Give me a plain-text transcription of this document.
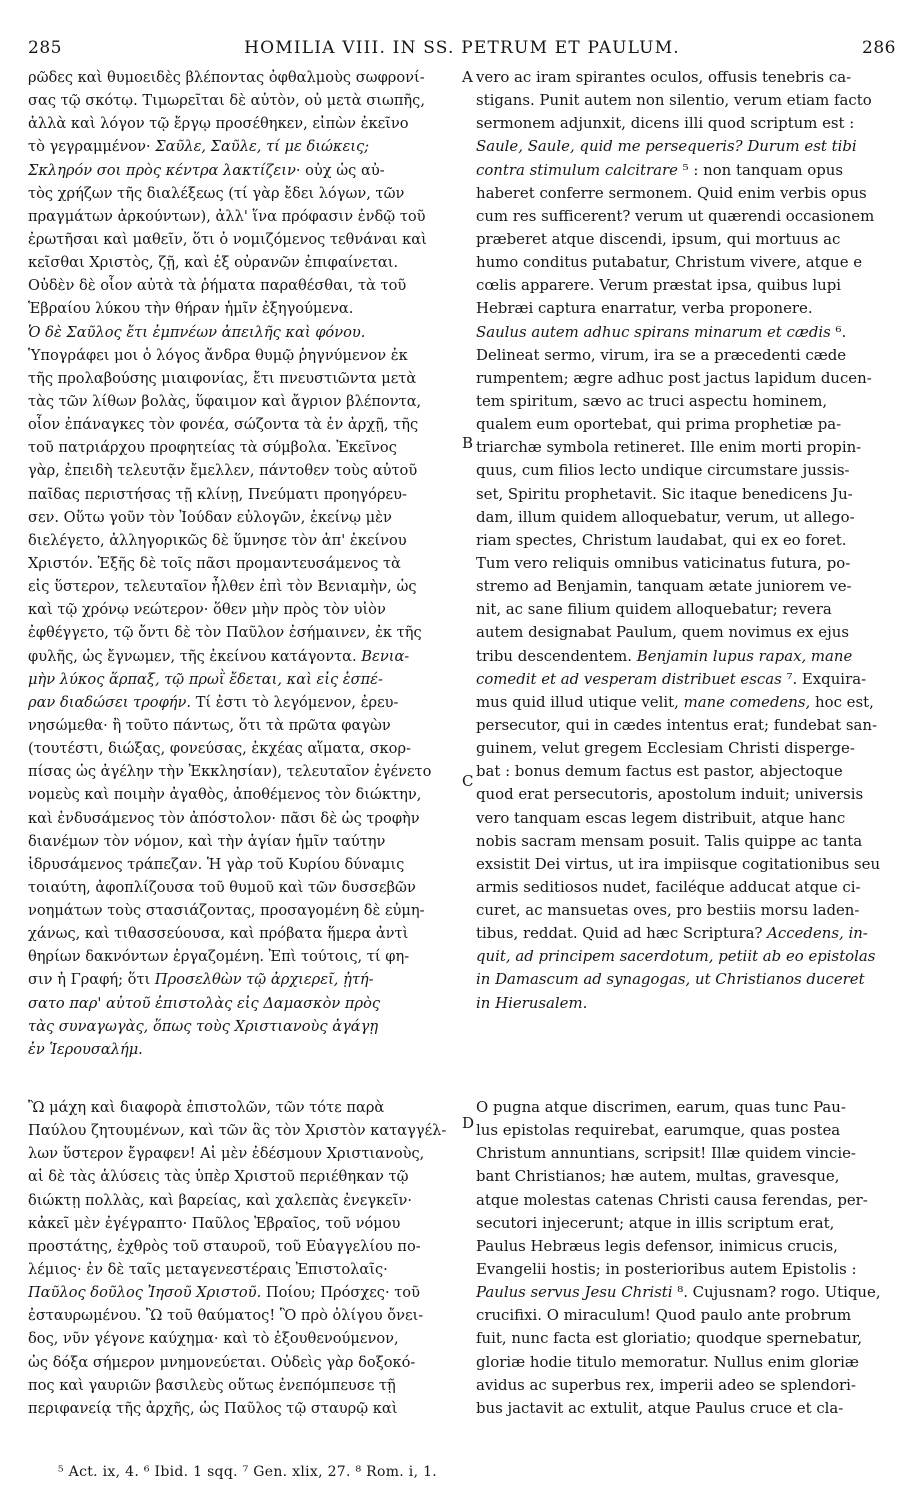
285	HOMILIA VIII. IN SS. PETRUM ET PAULUM.	286
ρῶδες καὶ θυμοειδὲς βλέποντας ὀφθαλμοὺς σωφρονί-
σας τῷ σκότῳ. Τιμωρεῖται δὲ αὐτὸν, οὐ μετὰ σιωπῆς,
ἀλλὰ καὶ λόγον τῷ ἔργῳ προσέθηκεν, εἰπὼν ἐκεῖνο
τὸ γεγραμμένον· Σαῦλε, Σαῦλε, τί με διώκεις;
Σκληρόν σοι πρὸς κέντρα λακτίζειν· οὐχ ὡς αὐ-
τὸς χρήζων τῆς διαλέξεως (τί γὰρ ἔδει λόγων, τῶν
πραγμάτων ἀρκούντων), ἀλλ' ἵνα πρόφασιν ἐνδῷ τοῦ
ἐρωτῆσαι καὶ μαθεῖν, ὅτι ὁ νομιζόμενος τεθνάναι καὶ
κεῖσθαι Χριστὸς, ζῇ, καὶ ἐξ οὐρανῶν ἐπιφαίνεται.
Οὐδὲν δὲ οἷον αὐτὰ τὰ ῥήματα παραθέσθαι, τὰ τοῦ
Ἑβραίου λύκου τὴν θήραν ἡμῖν ἐξηγούμενα.
Ὁ δὲ Σαῦλος ἔτι ἐμπνέων ἀπειλῆς καὶ φόνου.
Ὑπογράφει μοι ὁ λόγος ἄνδρα θυμῷ ῥηγνύμενον ἐκ
τῆς προλαβούσης μιαιφονίας, ἔτι πνευστιῶντα μετὰ
τὰς τῶν λίθων βολὰς, ὕφαιμον καὶ ἄγριον βλέποντα,
οἷον ἐπάναγκες τὸν φονέα, σώζοντα τὰ ἐν ἀρχῇ, τῆς
τοῦ πατριάρχου προφητείας τὰ σύμβολα. Ἐκεῖνος
γὰρ, ἐπειδὴ τελευτᾷν ἔμελλεν, πάντοθεν τοὺς αὐτοῦ
παῖδας περιστήσας τῇ κλίνῃ, Πνεύματι προηγόρευ-
σεν. Οὕτω γοῦν τὸν Ἰούδαν εὐλογῶν, ἐκείνῳ μὲν
διελέγετο, ἀλληγορικῶς δὲ ὕμνησε τὸν ἀπ' ἐκείνου
Χριστόν. Ἑξῆς δὲ τοῖς πᾶσι προμαντευσάμενος τὰ
εἰς ὕστερον, τελευταῖον ἦλθεν ἐπὶ τὸν Βενιαμὴν, ὡς
καὶ τῷ χρόνῳ νεώτερον· ὅθεν μὴν πρὸς τὸν υἱὸν
ἐφθέγγετο, τῷ ὄντι δὲ τὸν Παῦλον ἐσήμαινεν, ἐκ τῆς
φυλῆς, ὡς ἔγνωμεν, τῆς ἐκείνου κατάγοντα. Βενια-
μὴν λύκος ἅρπαξ, τῷ πρωῒ ἔδεται, καὶ εἰς ἑσπέ-
ραν διαδώσει τροφήν. Τί ἐστι τὸ λεγόμενον, ἐρευ-
νησώμεθα· ἢ τοῦτο πάντως, ὅτι τὰ πρῶτα φαγὼν
(τουτέστι, διώξας, φονεύσας, ἐκχέας αἵματα, σκορ-
πίσας ὡς ἀγέλην τὴν Ἐκκλησίαν), τελευταῖον ἐγένετο
νομεὺς καὶ ποιμὴν ἀγαθὸς, ἀποθέμενος τὸν διώκτην,
καὶ ἐνδυσάμενος τὸν ἀπόστολον· πᾶσι δὲ ὡς τροφὴν
διανέμων τὸν νόμον, καὶ τὴν ἁγίαν ἡμῖν ταύτην
ἱδρυσάμενος τράπεζαν. Ἡ γὰρ τοῦ Κυρίου δύναμις
τοιαύτη, ἀφοπλίζουσα τοῦ θυμοῦ καὶ τῶν δυσσεβῶν
νοημάτων τοὺς στασιάζοντας, προσαγομένη δὲ εὐμη-
χάνως, καὶ τιθασσεύουσα, καὶ πρόβατα ἥμερα ἀντὶ
θηρίων δακνόντων ἐργαζομένη. Ἐπὶ τούτοις, τί φη-
σιν ἡ Γραφή; ὅτι Προσελθὼν τῷ ἀρχιερεῖ, ᾐτή-
σατο παρ' αὐτοῦ ἐπιστολὰς εἰς Δαμασκὸν πρὸς
τὰς συναγωγὰς, ὅπως τοὺς Χριστιανοὺς ἀγάγῃ
ἐν Ἱερουσαλήμ.
vero ac iram spirantes oculos, offusis tenebris ca-
stigans. Punit autem non silentio, verum etiam facto
sermonem adjunxit, dicens illi quod scriptum est :
Saule, Saule, quid me persequeris? Durum est tibi
contra stimulum calcitrare ⁵ : non tanquam opus
haberet conferre sermonem. Quid enim verbis opus
cum res sufficerent? verum ut quærendi occasionem
præberet atque discendi, ipsum, qui mortuus ac
humo conditus putabatur, Christum vivere, atque e
cœlis apparere. Verum præstat ipsa, quibus lupi
Hebræi captura enarratur, verba proponere.
Saulus autem adhuc spirans minarum et cædis ⁶.
Delineat sermo, virum, ira se a præcedenti cæde
rumpentem; ægre adhuc post jactus lapidum ducen-
tem spiritum, sævo ac truci aspectu hominem,
qualem eum oportebat, qui prima prophetiæ pa-
triarchæ symbola retineret. Ille enim morti propin-
quus, cum filios lecto undique circumstare jussis-
set, Spiritu prophetavit. Sic itaque benedicens Ju-
dam, illum quidem alloquebatur, verum, ut allego-
riam spectes, Christum laudabat, qui ex eo foret.
Tum vero reliquis omnibus vaticinatus futura, po-
stremo ad Benjamin, tanquam ætate juniorem ve-
nit, ac sane filium quidem alloquebatur; revera
autem designabat Paulum, quem novimus ex ejus
tribu descendentem. Benjamin lupus rapax, mane
comedit et ad vesperam distribuet escas ⁷. Exquira-
mus quid illud utique velit, mane comedens, hoc est,
persecutor, qui in cædes intentus erat; fundebat san-
guinem, velut gregem Ecclesiam Christi disperge-
bat : bonus demum factus est pastor, abjectoque
quod erat persecutoris, apostolum induit; universis
vero tanquam escas legem distribuit, atque hanc
nobis sacram mensam posuit. Talis quippe ac tanta
exsistit Dei virtus, ut ira impiisque cogitationibus seu
armis seditiosos nudet, faciléque adducat atque ci-
curet, ac mansuetas oves, pro bestiis morsu laden-
tibus, reddat. Quid ad hæc Scriptura? Accedens, in-
quit, ad principem sacerdotum, petiit ab eo epistolas
in Damascum ad synagogas, ut Christianos duceret
in Hierusalem.
Ὢ μάχη καὶ διαφορὰ ἐπιστολῶν, τῶν τότε παρὰ
Παύλου ζητουμένων, καὶ τῶν ἃς τὸν Χριστὸν καταγγέλ-
λων ὕστερον ἔγραφεν! Αἱ μὲν ἐδέσμουν Χριστιανοὺς,
αἱ δὲ τὰς ἁλύσεις τὰς ὑπὲρ Χριστοῦ περιέθηκαν τῷ
διώκτῃ πολλὰς, καὶ βαρείας, καὶ χαλεπὰς ἐνεγκεῖν·
κἀκεῖ μὲν ἐγέγραπτο· Παῦλος Ἑβραῖος, τοῦ νόμου
προστάτης, ἐχθρὸς τοῦ σταυροῦ, τοῦ Εὐαγγελίου πο-
λέμιος· ἐν δὲ ταῖς μεταγενεστέραις Ἐπιστολαῖς·
Παῦλος δοῦλος Ἰησοῦ Χριστοῦ. Ποίου; Πρόσχες· τοῦ
ἐσταυρωμένου. Ὢ τοῦ θαύματος! Ὃ πρὸ ὀλίγου ὄνει-
δος, νῦν γέγονε καύχημα· καὶ τὸ ἐξουθενούμενον,
ὡς δόξα σήμερον μνημονεύεται. Οὐδεὶς γὰρ δοξοκό-
πος καὶ γαυριῶν βασιλεὺς οὕτως ἐνεπόμπευσε τῇ
περιφανείᾳ τῆς ἀρχῆς, ὡς Παῦλος τῷ σταυρῷ καὶ
O pugna atque discrimen, earum, quas tunc Pau-
lus epistolas requirebat, earumque, quas postea
Christum annuntians, scripsit! Illæ quidem vincie-
bant Christianos; hæ autem, multas, gravesque,
atque molestas catenas Christi causa ferendas, per-
secutori injecerunt; atque in illis scriptum erat,
Paulus Hebræus legis defensor, inimicus crucis,
Evangelii hostis; in posterioribus autem Epistolis :
Paulus servus Jesu Christi ⁸. Cujusnam? rogo. Utique,
crucifixi. O miraculum! Quod paulo ante probrum
fuit, nunc facta est gloriatio; quodque spernebatur,
gloriæ hodie titulo memoratur. Nullus enim gloriæ
avidus ac superbus rex, imperii adeo se splendori-
bus jactavit ac extulit, atque Paulus cruce et cla-
A
B
C
D
⁵ Act. ix, 4. ⁶ Ibid. 1 sqq. ⁷ Gen. xlix, 27. ⁸ Rom. i, 1.
